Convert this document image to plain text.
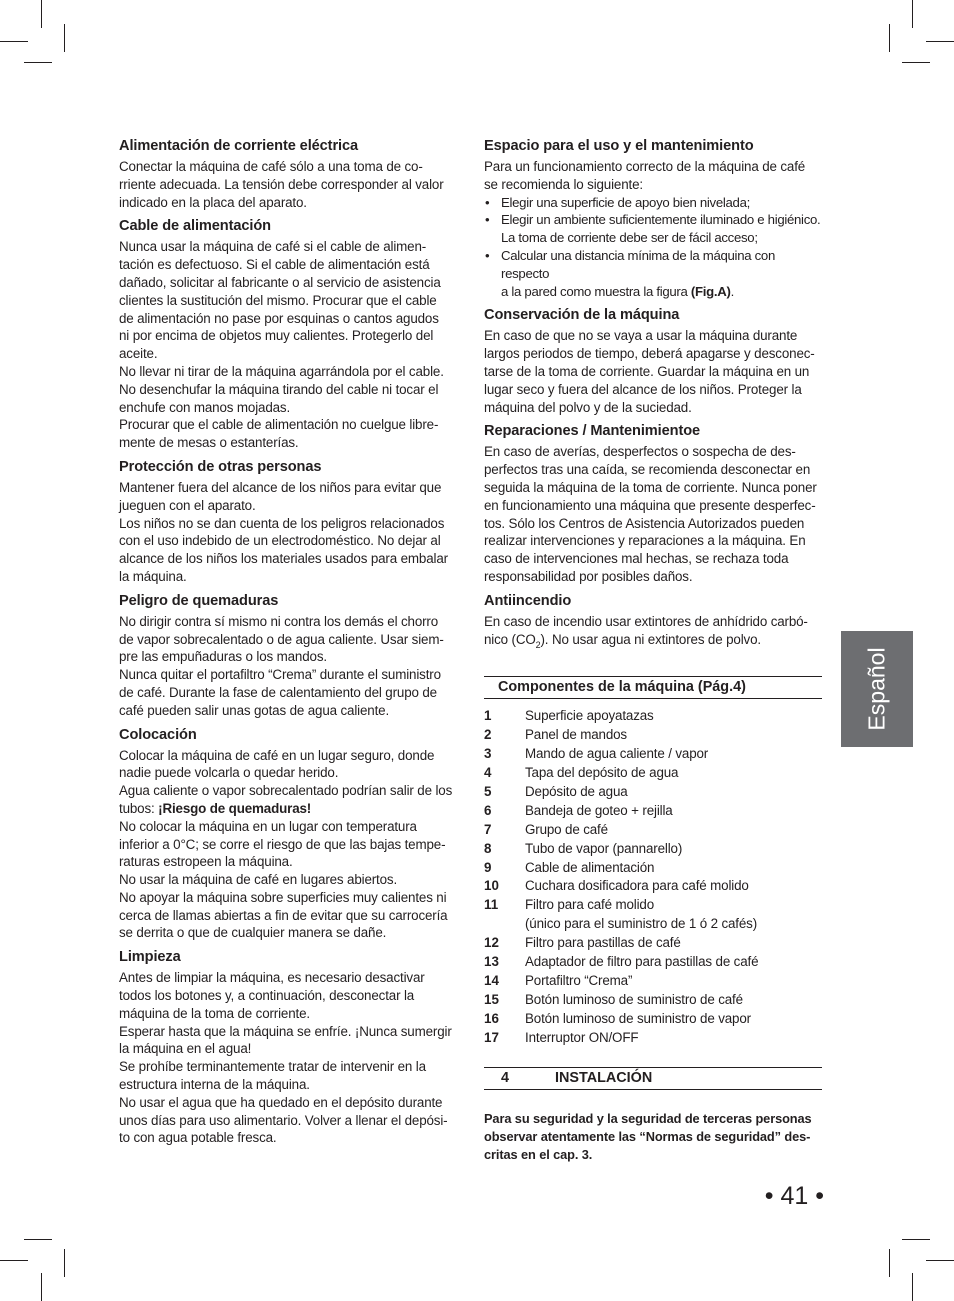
Alimentación de corriente eléctrica

Conectar la máquina de café sólo a una toma de co-
rriente adecuada. La tensión debe corresponder al valor
indicado en la placa del aparato.

Cable de alimentación

Nunca usar la máquina de café si el cable de alimen-
tación es defectuoso. Si el cable de alimentación está
dañado, solicitar al fabricante o al servicio de asistencia
clientes la sustitución del mismo. Procurar que el cable
de alimentación no pase por esquinas o cantos agudos
ni por encima de objetos muy calientes. Protegerlo del
aceite.
No llevar ni tirar de la máquina agarrándola por el cable.
No desenchufar la máquina tirando del cable ni tocar el
enchufe con manos mojadas.
Procurar que el cable de alimentación no cuelgue libre-
mente de mesas o estanterías.

Protección de otras personas

Mantener fuera del alcance de los niños para evitar que
jueguen con el aparato.
Los niños no se dan cuenta de los peligros relacionados
con el uso indebido de un electrodoméstico. No dejar al
alcance de los niños los materiales usados para embalar
la máquina.

Peligro de quemaduras

No dirigir contra sí mismo ni contra los demás el chorro
de vapor sobrecalentado o de agua caliente. Usar siem-
pre las empuñaduras o los mandos.
Nunca quitar el portafiltro “Crema” durante el suministro
de café. Durante la fase de calentamiento del grupo de
café pueden salir unas gotas de agua caliente.

Colocación

Colocar la máquina de café en un lugar seguro, donde
nadie puede volcarla o quedar herido.
Agua caliente o vapor sobrecalentado podrían salir de los
tubos: ¡Riesgo de quemaduras!
No colocar la máquina en un lugar con temperatura
inferior a 0°C; se corre el riesgo de que las bajas tempe-
raturas estropeen la máquina.
No usar la máquina de café en lugares abiertos.
No apoyar la máquina sobre superficies muy calientes ni
cerca de llamas abiertas a fin de evitar que su carrocería
se derrita o que de cualquier manera se dañe.

Limpieza

Antes de limpiar la máquina, es necesario desactivar
todos los botones y, a continuación, desconectar la
máquina de la toma de corriente.
Esperar hasta que la máquina se enfríe. ¡Nunca sumergir
la máquina en el agua!
Se prohíbe terminantemente tratar de intervenir en la
estructura interna de la máquina.
No usar el agua que ha quedado en el depósito durante
unos días para uso alimentario. Volver a llenar el depósi-
to con agua potable fresca.

Espacio para el uso y el mantenimiento

Para un funcionamiento correcto de la máquina de café
se recomienda lo siguiente:

• Elegir una superficie de apoyo bien nivelada;
• Elegir un ambiente suficientemente iluminado e higiénico.
La toma de corriente debe ser de fácil acceso;
• Calcular una distancia mínima de la máquina con respecto
a la pared como muestra la figura (Fig.A).
Conservación de la máquina

En caso de que no se vaya a usar la máquina durante
largos periodos de tiempo, deberá apagarse y desconec-
tarse de la toma de corriente. Guardar la máquina en un
lugar seco y fuera del alcance de los niños. Proteger la
máquina del polvo y de la suciedad.

Reparaciones / Mantenimientoe

En caso de averías, desperfectos o sospecha de des-
perfectos tras una caída, se recomienda desconectar en
seguida la máquina de la toma de corriente. Nunca poner
en funcionamiento una máquina que presente desperfec-
tos. Sólo los Centros de Asistencia Autorizados pueden
realizar intervenciones y reparaciones a la máquina. En
caso de intervenciones mal hechas, se rechaza toda
responsabilidad por posibles daños.

Antiincendio

En caso de incendio usar extintores de anhídrido carbó-
nico $(CO_2)$. No usar agua ni extintores de polvo.

Componentes de la máquina (Pág.4)
1	Superficie apoyatazas
2	Panel de mandos
3	Mando de agua caliente / vapor
4	Tapa del depósito de agua
5	Depósito de agua
6	Bandeja de goteo + rejilla
7	Grupo de café
8	Tubo de vapor (pannarello)
9	Cable de alimentación
10	Cuchara dosificadora para café molido
11	Filtro para café molido
(único para el suministro de 1 ó 2 cafés)
12	Filtro para pastillas de café
13	Adaptador de filtro para pastillas de café
14	Portafiltro “Crema”
15	Botón luminoso de suministro de café
16	Botón luminoso de suministro de vapor
17	Interruptor ON/OFF
4	INSTALACIÓN

Para su seguridad y la seguridad de terceras personas
observar atentamente las “Normas de seguridad” des-
critas en el cap. 3.

Español
• 41 •
